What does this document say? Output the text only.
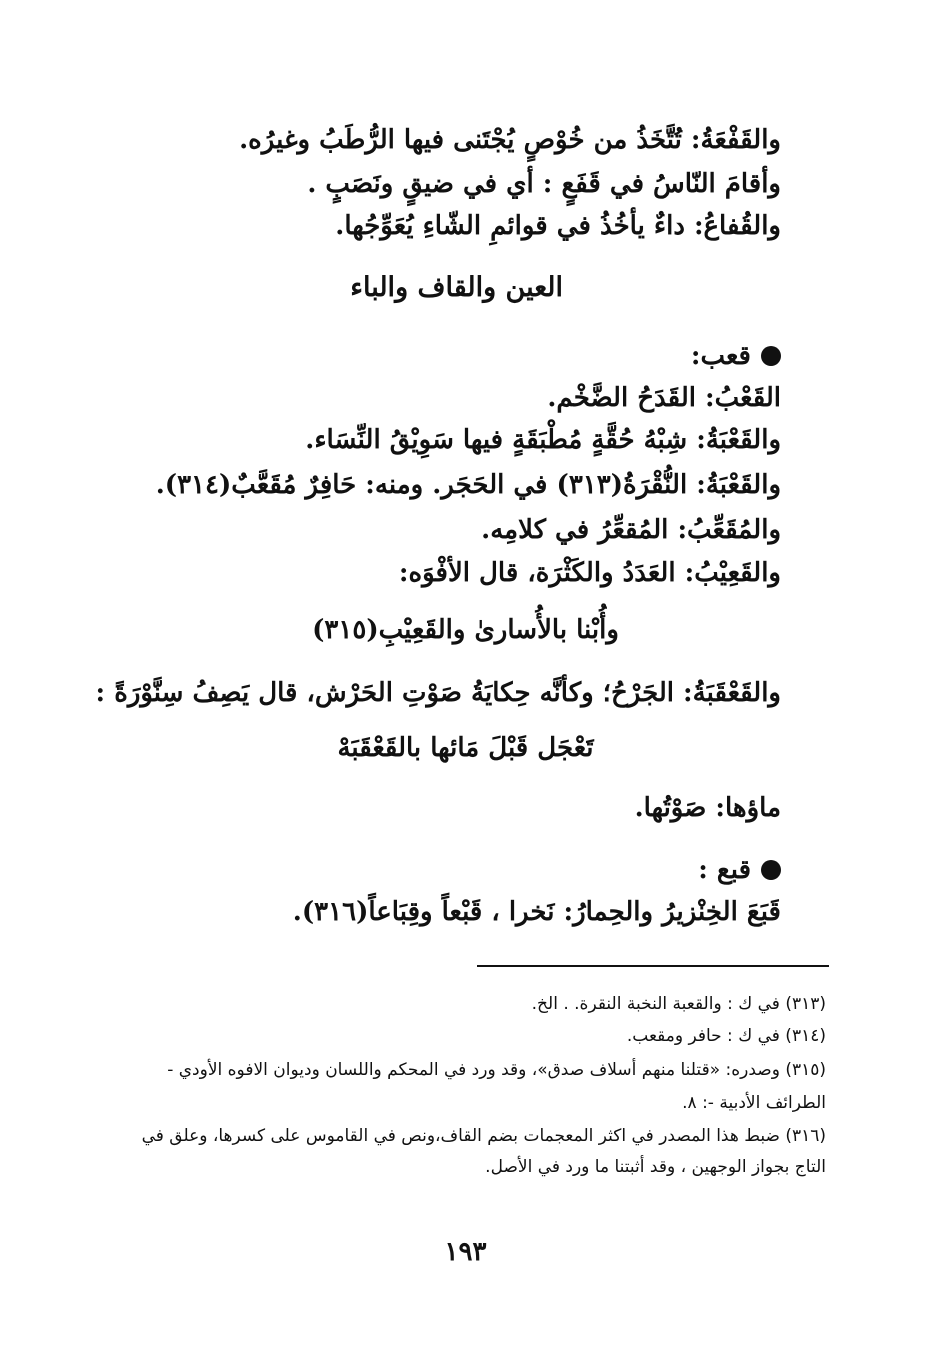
والقَفْعَةُ: تُتَّخَذُ من خُوْصٍ يُجْتَنى فيها الرُّطَبُ وغيرُه.
وأقامَ النّاسُ في قَفَعٍ : أي في ضيقٍ ونَصَبٍ .
والقُفاعُ: داءٌ يأخُذُ في قوائمِ الشّاءِ يُعَوِّجُها.
العين والقاف والباء
قعب:
القَعْبُ: القَدَحُ الضَّخْم.
والقَعْبَةُ: شِبْهُ حُقَّةٍ مُطْبَقَةٍ فيها سَوِيْقُ النِّسَاء.
والقَعْبَةُ: النُّقْرَةُ(٣١٣) في الحَجَر. ومنه: حَافِرٌ مُقَعَّبٌ(٣١٤).
والمُقَعِّبُ: المُقعِّرُ في كلامِه.
والقَعِيْبُ: العَدَدُ والكَثْرَة، قال الأفْوَه:
وأُبْنا بالأُسارىٰ والقَعِيْبِ(٣١٥)
والقَعْقَبَةُ: الجَرْحُ؛ وكأنَّه حِكايَةُ صَوْتِ الحَرْش، قال يَصِفُ سِنَّوْرَةً :
تَعْجَل قَبْلَ مَائها بالقَعْقَبَهْ
ماؤها: صَوْتُها.
قبع :
قَبَعَ الخِنْزيرُ والحِمارُ: نَخرا ، قَبْعاً وقِبَاعاً(٣١٦).
(٣١٣) في ك : والقعبة النخبة النقرة. . الخ.
(٣١٤) في ك : حافر ومقعب.
(٣١٥) وصدره: «قتلنا منهم أسلاف صدق»، وقد ورد في المحكم واللسان وديوان الافوه الأودي -
الطرائف الأدبية -: ٨.
(٣١٦) ضبط هذا المصدر في اكثر المعجمات بضم القاف،ونص في القاموس على كسرها، وعلق في
التاج بجواز الوجهين ، وقد أثبتنا ما ورد في الأصل.
١٩٣
